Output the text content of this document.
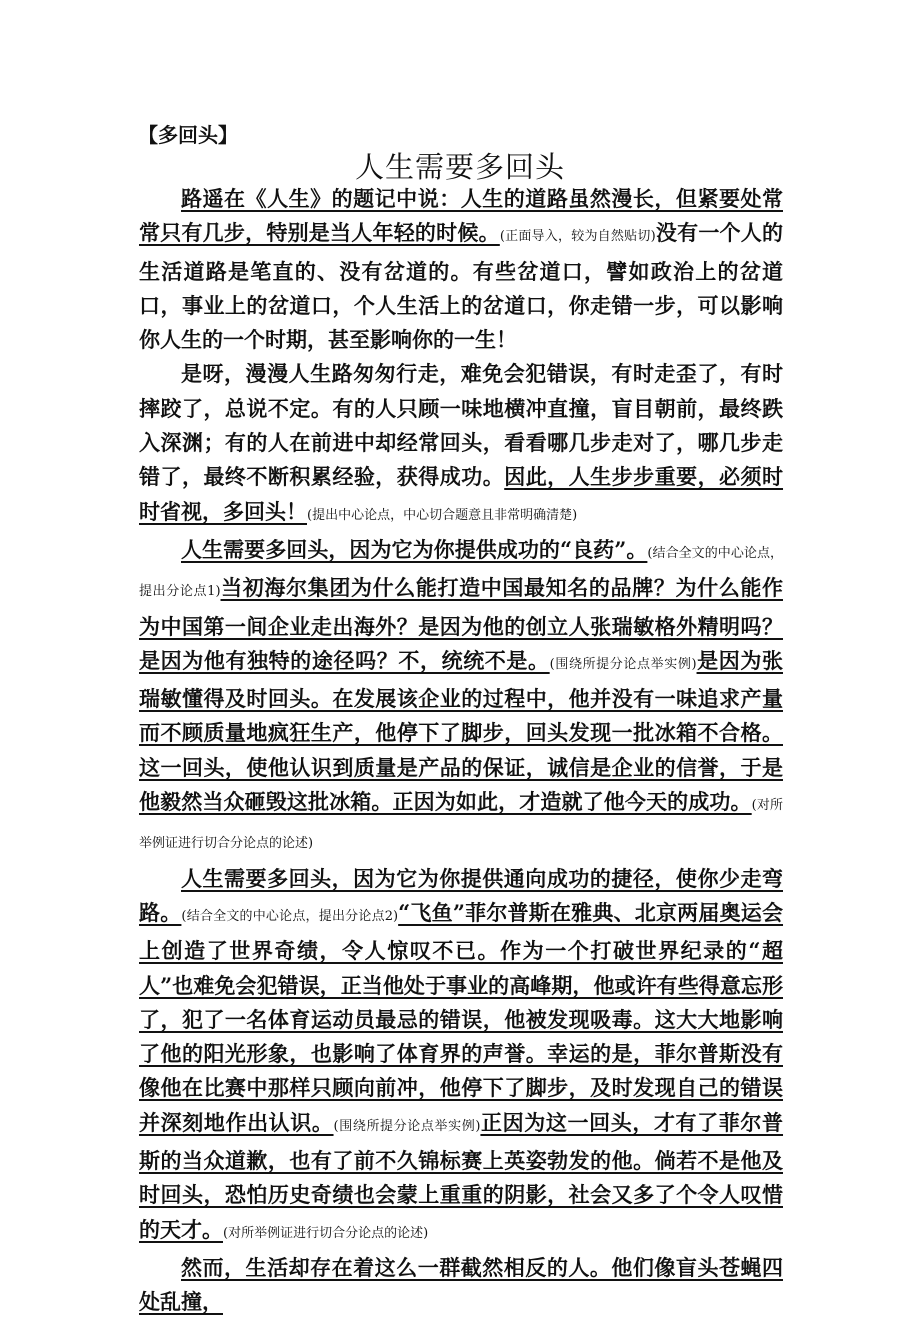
【多回头】

人生需要多回头

路遥在《人生》的题记中说：人生的道路虽然漫长，但紧要处常常只有几步，特别是当人年轻的时候。(正面导入，较为自然贴切)没有一个人的生活道路是笔直的、没有岔道的。有些岔道口，譬如政治上的岔道口，事业上的岔道口，个人生活上的岔道口，你走错一步，可以影响你人生的一个时期，甚至影响你的一生！

是呀，漫漫人生路匆匆行走，难免会犯错误，有时走歪了，有时摔跤了，总说不定。有的人只顾一味地横冲直撞，盲目朝前，最终跌入深渊；有的人在前进中却经常回头，看看哪几步走对了，哪几步走错了，最终不断积累经验，获得成功。因此，人生步步重要，必须时时省视，多回头！(提出中心论点，中心切合题意且非常明确清楚)

人生需要多回头，因为它为你提供成功的“良药”。(结合全文的中心论点，提出分论点1)当初海尔集团为什么能打造中国最知名的品牌？为什么能作为中国第一间企业走出海外？是因为他的创立人张瑞敏格外精明吗？是因为他有独特的途径吗？不，统统不是。(围绕所提分论点举实例)是因为张瑞敏懂得及时回头。在发展该企业的过程中，他并没有一味追求产量而不顾质量地疯狂生产，他停下了脚步，回头发现一批冰箱不合格。这一回头，使他认识到质量是产品的保证，诚信是企业的信誉，于是他毅然当众砸毁这批冰箱。正因为如此，才造就了他今天的成功。(对所举例证进行切合分论点的论述)

人生需要多回头，因为它为你提供通向成功的捷径，使你少走弯路。(结合全文的中心论点，提出分论点2)“飞鱼”菲尔普斯在雅典、北京两届奥运会上创造了世界奇绩，令人惊叹不已。作为一个打破世界纪录的“超人”也难免会犯错误，正当他处于事业的高峰期，他或许有些得意忘形了，犯了一名体育运动员最忌的错误，他被发现吸毒。这大大地影响了他的阳光形象，也影响了体育界的声誉。幸运的是，菲尔普斯没有像他在比赛中那样只顾向前冲，他停下了脚步，及时发现自己的错误并深刻地作出认识。(围绕所提分论点举实例)正因为这一回头，才有了菲尔普斯的当众道歉，也有了前不久锦标赛上英姿勃发的他。倘若不是他及时回头，恐怕历史奇绩也会蒙上重重的阴影，社会又多了个令人叹惜的天才。(对所举例证进行切合分论点的论述)

然而，生活却存在着这么一群截然相反的人。他们像盲头苍蝇四处乱撞，
